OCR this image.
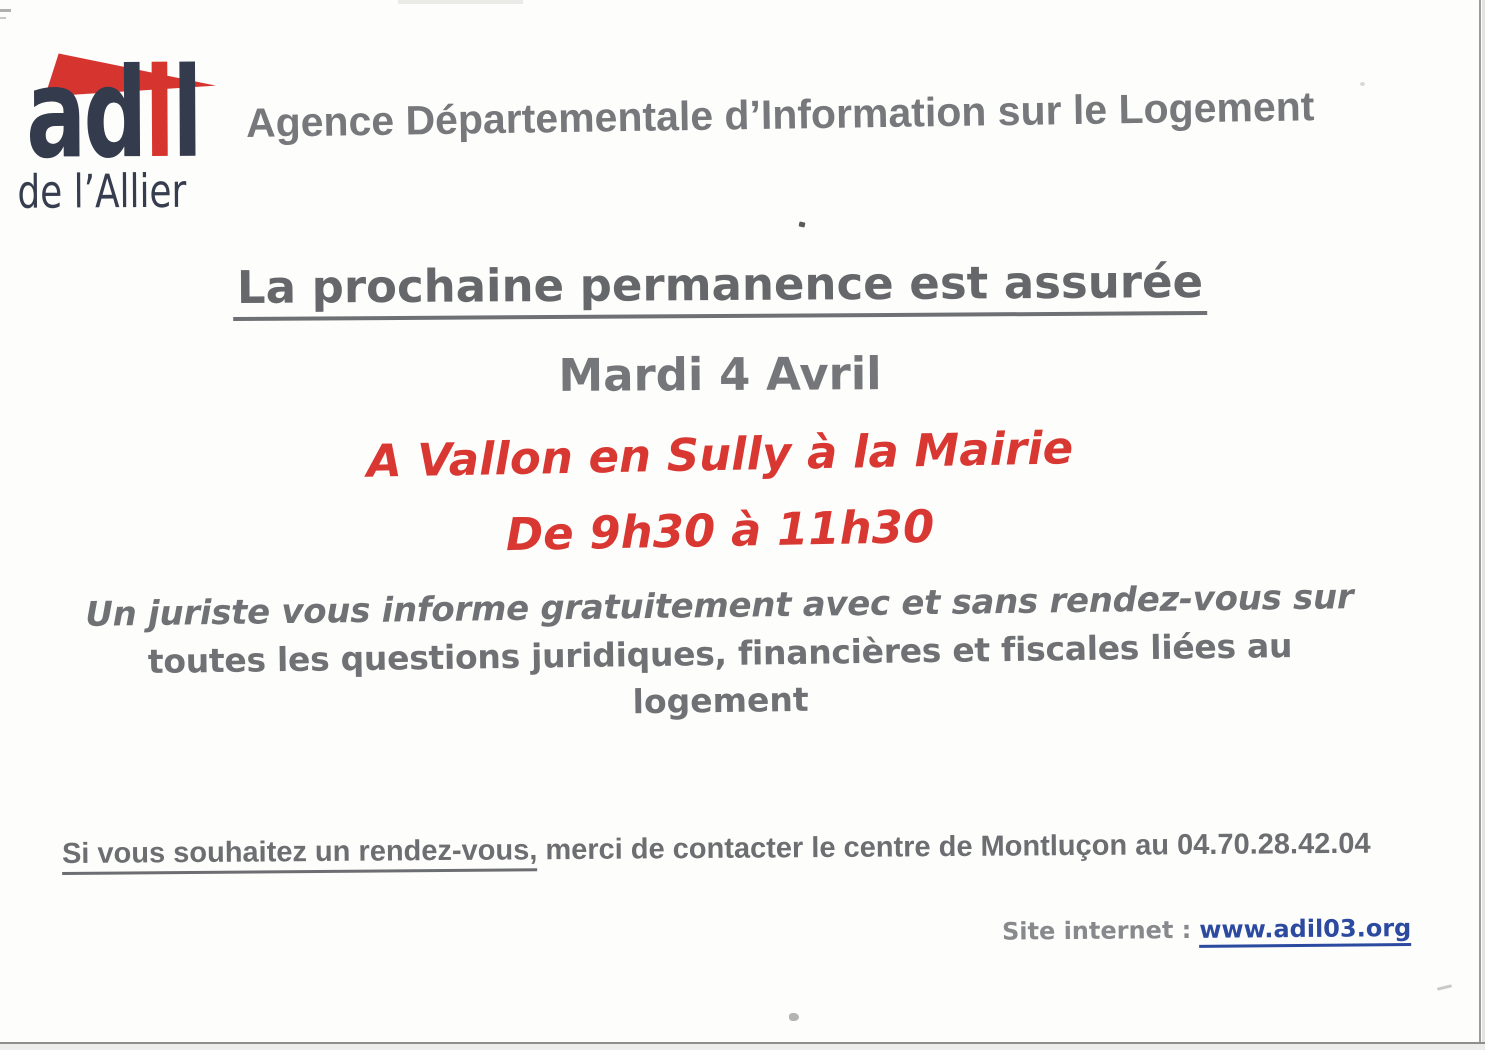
adil
de l’Allier
Agence Départementale d’Information sur le Logement
La prochaine permanence est assurée
Mardi 4 Avril
A Vallon en Sully à la Mairie
De 9h30 à 11h30
Un juriste vous informe gratuitement avec et sans rendez-vous sur
toutes les questions juridiques, financières et fiscales liées au
logement
Si vous souhaitez un rendez-vous, merci de contacter le centre de Montluçon au 04.70.28.42.04
Site internet : www.adil03.org
